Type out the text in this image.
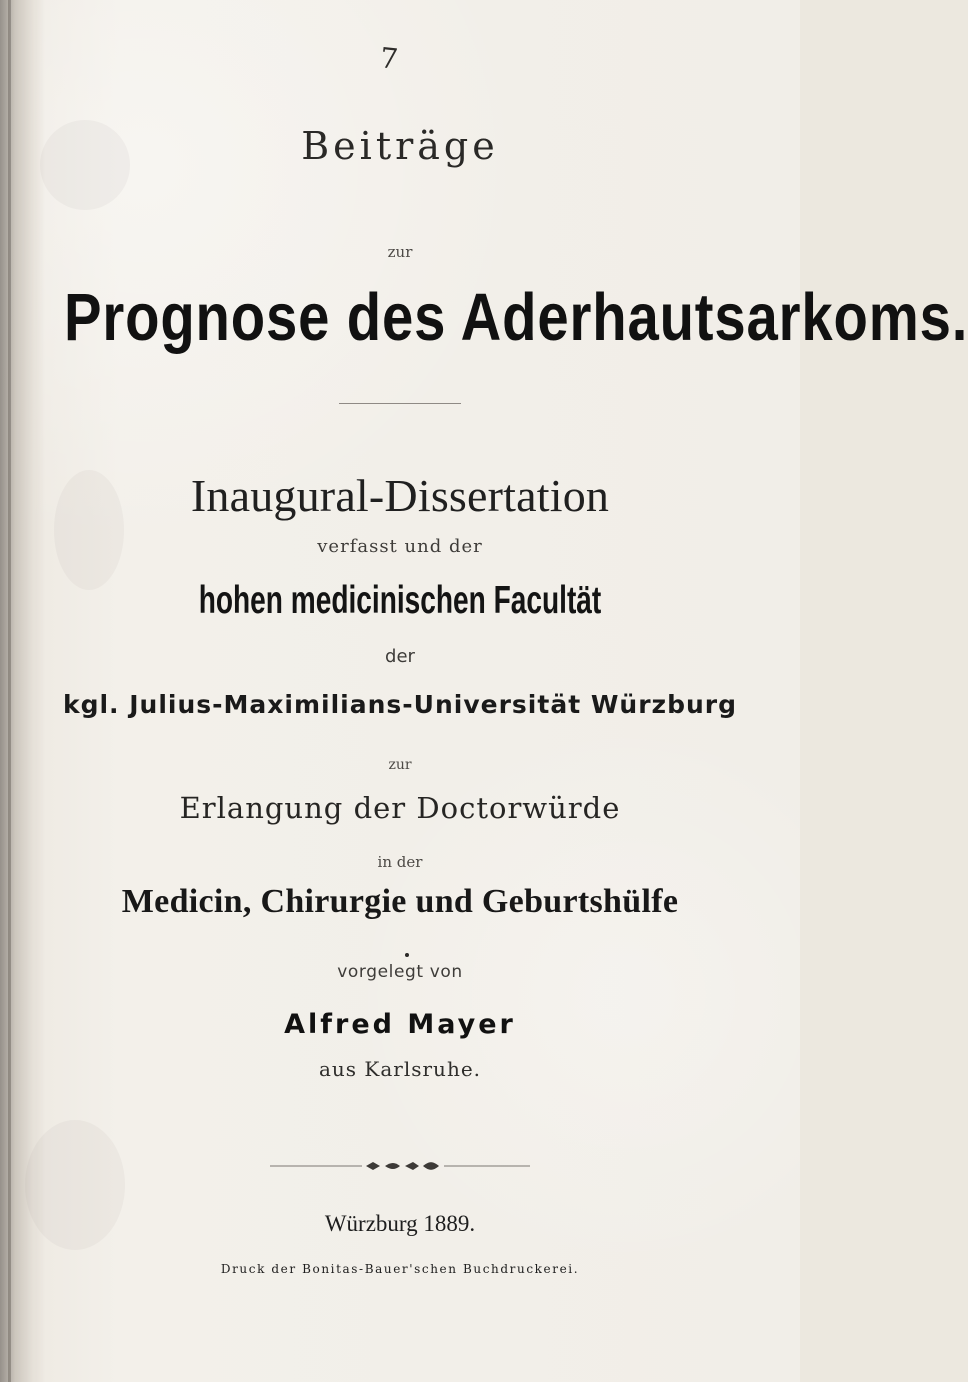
7
Beiträge
zur
Prognose des Aderhautsarkoms.
Inaugural-Dissertation
verfasst und der
hohen medicinischen Facultät
der
kgl. Julius-Maximilians-Universität Würzburg
zur
Erlangung der Doctorwürde
in der
Medicin, Chirurgie und Geburtshülfe
vorgelegt von
Alfred Mayer
aus Karlsruhe.
Würzburg 1889.
Druck der Bonitas-Bauer'schen Buchdruckerei.
